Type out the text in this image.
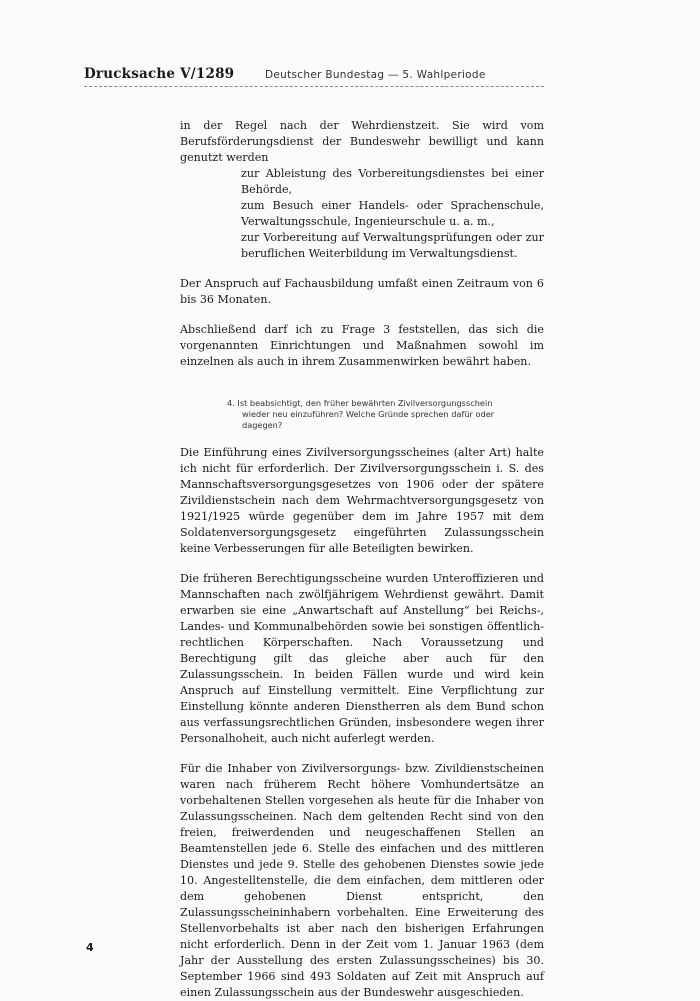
Drucksache V/1289	Deutscher Bundestag — 5. Wahlperiode

in der Regel nach der Wehrdienstzeit. Sie wird vom Berufsförderungsdienst der Bundeswehr bewilligt und kann genutzt werden

zur Ableistung des Vorbereitungsdienstes bei einer Behörde,

zum Besuch einer Handels- oder Sprachenschule, Verwaltungsschule, Ingenieurschule u. a. m.,

zur Vorbereitung auf Verwaltungsprüfungen oder zur beruflichen Weiterbildung im Verwaltungsdienst.

Der Anspruch auf Fachausbildung umfaßt einen Zeitraum von 6 bis 36 Monaten.

Abschließend darf ich zu Frage 3 feststellen, das sich die vorgenannten Einrichtungen und Maßnahmen sowohl im einzelnen als auch in ihrem Zusammenwirken bewährt haben.

4. Ist beabsichtigt, den früher bewährten Zivilversorgungsschein
wieder neu einzuführen? Welche Gründe sprechen dafür oder
dagegen?

Die Einführung eines Zivilversorgungsscheines (alter Art) halte ich nicht für erforderlich. Der Zivilversorgungsschein i. S. des Mannschaftsversorgungsgesetzes von 1906 oder der spätere Zivildienstschein nach dem Wehrmachtversorgungsgesetz von 1921/1925 würde gegenüber dem im Jahre 1957 mit dem Soldatenversorgungsgesetz eingeführten Zulassungsschein keine Verbesserungen für alle Beteiligten bewirken.

Die früheren Berechtigungsscheine wurden Unteroffizieren und Mannschaften nach zwölfjährigem Wehrdienst gewährt. Damit erwarben sie eine „Anwartschaft auf Anstellung“ bei Reichs-, Landes- und Kommunalbehörden sowie bei sonstigen öffentlich-rechtlichen Körperschaften. Nach Voraussetzung und Berechtigung gilt das gleiche aber auch für den Zulassungsschein. In beiden Fällen wurde und wird kein Anspruch auf Einstellung vermittelt. Eine Verpflichtung zur Einstellung könnte anderen Dienstherren als dem Bund schon aus verfassungsrechtlichen Gründen, insbesondere wegen ihrer Personalhoheit, auch nicht auferlegt werden.

Für die Inhaber von Zivilversorgungs- bzw. Zivildienstscheinen waren nach früherem Recht höhere Vomhundertsätze an vorbehaltenen Stellen vorgesehen als heute für die Inhaber von Zulassungsscheinen. Nach dem geltenden Recht sind von den freien, freiwerdenden und neugeschaffenen Stellen an Beamtenstellen jede 6. Stelle des einfachen und des mittleren Dienstes und jede 9. Stelle des gehobenen Dienstes sowie jede 10. Angestelltenstelle, die dem einfachen, dem mittleren oder dem gehobenen Dienst entspricht, den Zulassungsscheininhabern vorbehalten. Eine Erweiterung des Stellenvorbehalts ist aber nach den bisherigen Erfahrungen nicht erforderlich. Denn in der Zeit vom 1. Januar 1963 (dem Jahr der Ausstellung des ersten Zulassungsscheines) bis 30. September 1966 sind 493 Soldaten auf Zeit mit Anspruch auf einen Zulassungsschein aus der Bundeswehr ausgeschieden.

4
